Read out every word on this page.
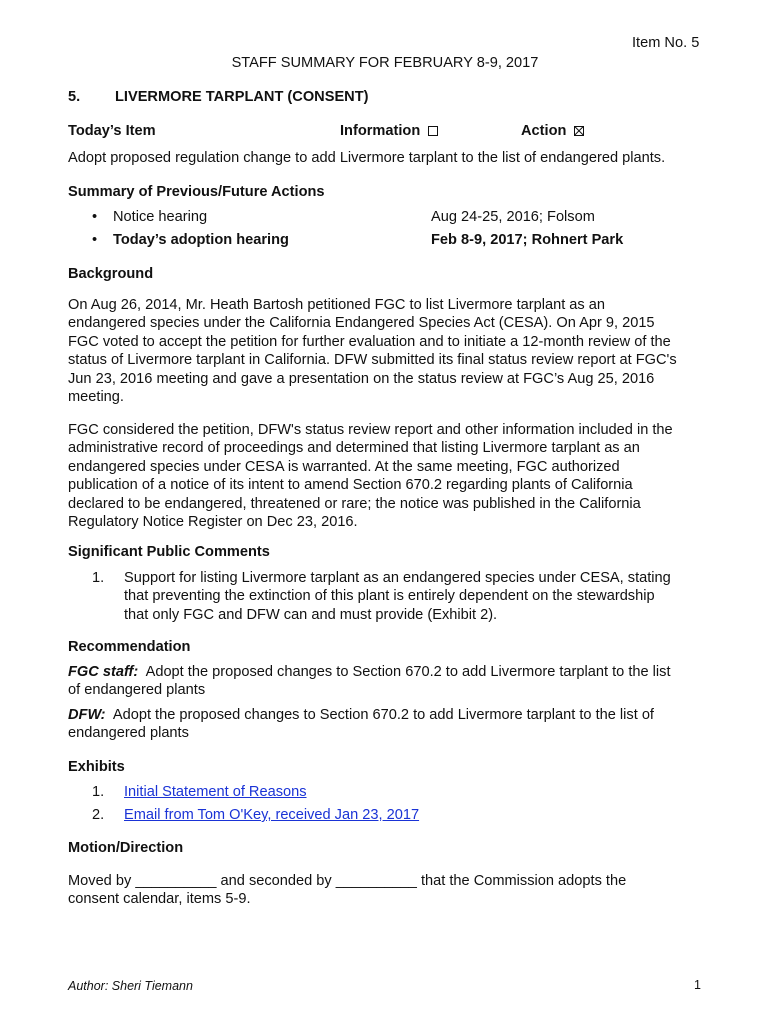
Item No. 5
STAFF SUMMARY FOR FEBRUARY 8-9, 2017
5. LIVERMORE TARPLANT (CONSENT)
Today’s Item	Information	Action
Adopt proposed regulation change to add Livermore tarplant to the list of endangered plants.
Summary of Previous/Future Actions
• Notice hearing	Aug 24-25, 2016; Folsom
• Today’s adoption hearing	Feb 8-9, 2017; Rohnert Park
Background
On Aug 26, 2014, Mr. Heath Bartosh petitioned FGC to list Livermore tarplant as an
endangered species under the California Endangered Species Act (CESA). On Apr 9, 2015
FGC voted to accept the petition for further evaluation and to initiate a 12-month review of the
status of Livermore tarplant in California. DFW submitted its final status review report at FGC's
Jun 23, 2016 meeting and gave a presentation on the status review at FGC’s Aug 25, 2016
meeting.
FGC considered the petition, DFW's status review report and other information included in the
administrative record of proceedings and determined that listing Livermore tarplant as an
endangered species under CESA is warranted. At the same meeting, FGC authorized
publication of a notice of its intent to amend Section 670.2 regarding plants of California
declared to be endangered, threatened or rare; the notice was published in the California
Regulatory Notice Register on Dec 23, 2016.
Significant Public Comments
1. Support for listing Livermore tarplant as an endangered species under CESA, stating
that preventing the extinction of this plant is entirely dependent on the stewardship
that only FGC and DFW can and must provide (Exhibit 2).
Recommendation
FGC staff: Adopt the proposed changes to Section 670.2 to add Livermore tarplant to the list
of endangered plants
DFW: Adopt the proposed changes to Section 670.2 to add Livermore tarplant to the list of
endangered plants
Exhibits
1. Initial Statement of Reasons
2. Email from Tom O'Key, received Jan 23, 2017
Motion/Direction
Moved by __________ and seconded by __________ that the Commission adopts the
consent calendar, items 5-9.
Author: Sheri Tiemann	1
